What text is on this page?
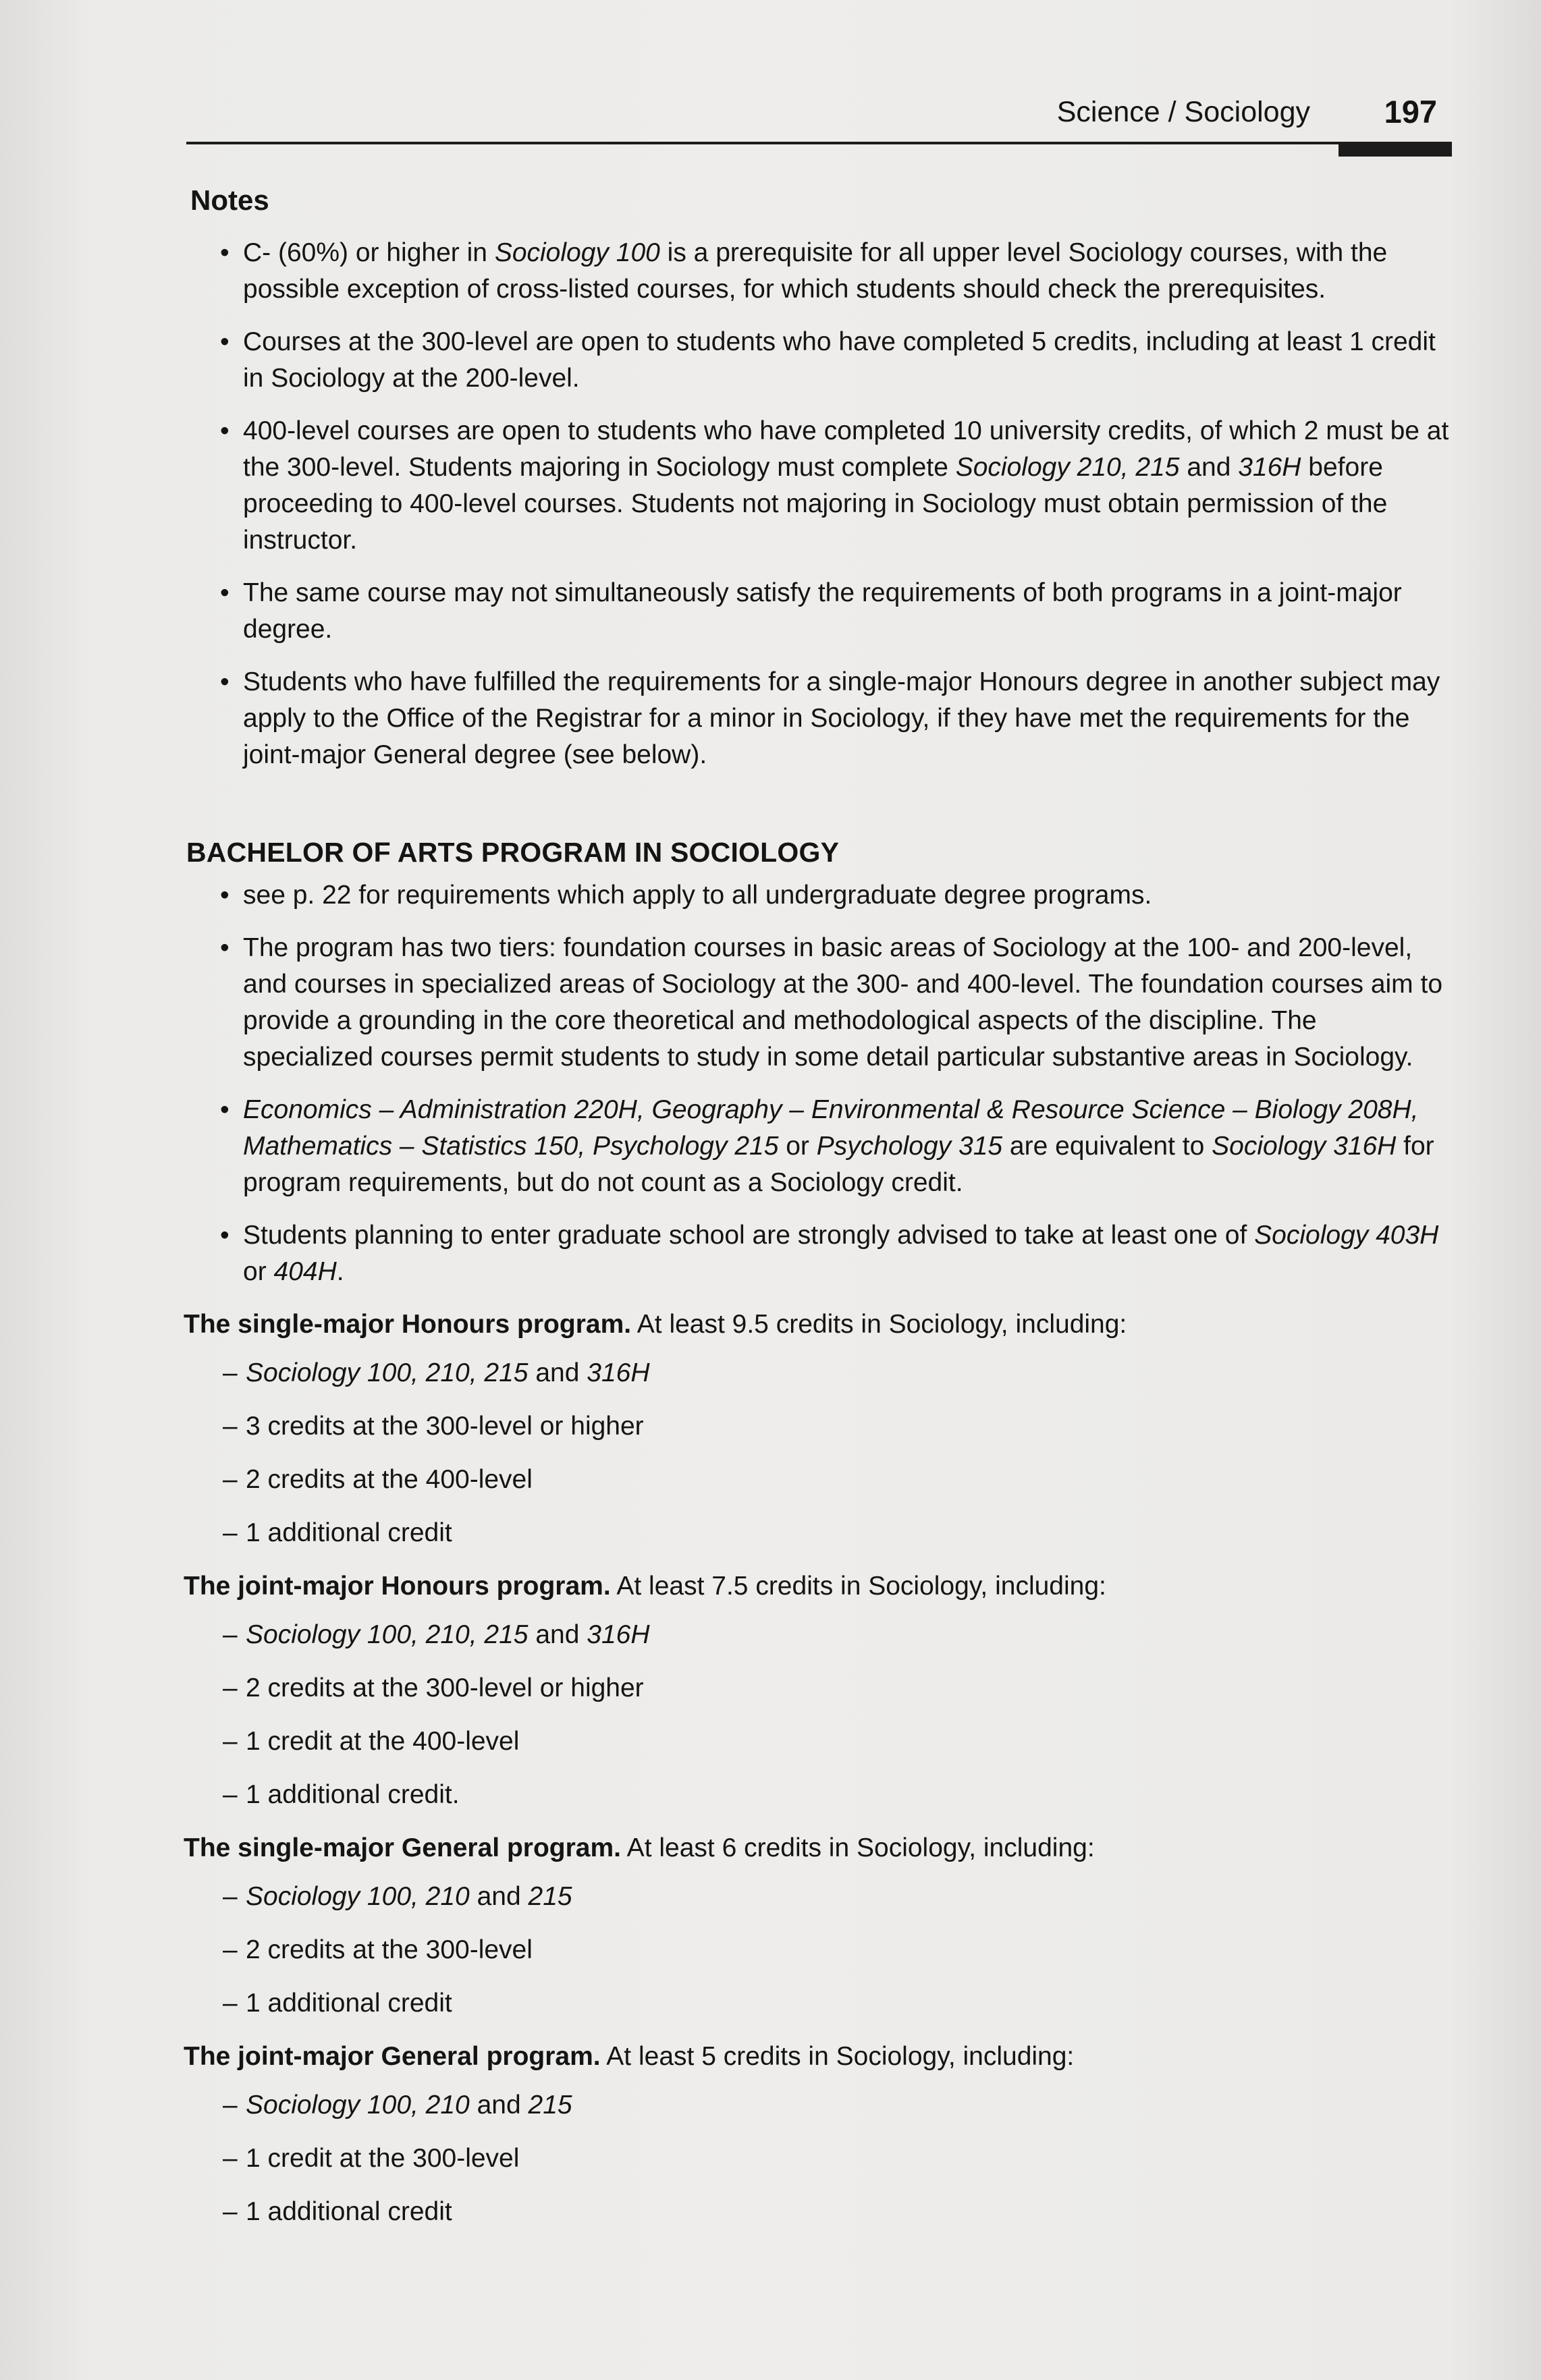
Science / Sociology 197
Notes
• C- (60%) or higher in Sociology 100 is a prerequisite for all upper level Sociology courses, with the possible exception of cross-listed courses, for which students should check the prerequisites.
• Courses at the 300-level are open to students who have completed 5 credits, including at least 1 credit in Sociology at the 200-level.
• 400-level courses are open to students who have completed 10 university credits, of which 2 must be at the 300-level. Students majoring in Sociology must complete Sociology 210, 215 and 316H before proceeding to 400-level courses. Students not majoring in Sociology must obtain permission of the instructor.
• The same course may not simultaneously satisfy the requirements of both programs in a joint-major degree.
• Students who have fulfilled the requirements for a single-major Honours degree in another subject may apply to the Office of the Registrar for a minor in Sociology, if they have met the requirements for the joint-major General degree (see below).
BACHELOR OF ARTS PROGRAM IN SOCIOLOGY
• see p. 22 for requirements which apply to all undergraduate degree programs.
• The program has two tiers: foundation courses in basic areas of Sociology at the 100- and 200-level, and courses in specialized areas of Sociology at the 300- and 400-level. The foundation courses aim to provide a grounding in the core theoretical and methodological aspects of the discipline. The specialized courses permit students to study in some detail particular substantive areas in Sociology.
• Economics – Administration 220H, Geography – Environmental & Resource Science – Biology 208H, Mathematics – Statistics 150, Psychology 215 or Psychology 315 are equivalent to Sociology 316H for program requirements, but do not count as a Sociology credit.
• Students planning to enter graduate school are strongly advised to take at least one of Sociology 403H or 404H.
The single-major Honours program. At least 9.5 credits in Sociology, including:
– Sociology 100, 210, 215 and 316H
– 3 credits at the 300-level or higher
– 2 credits at the 400-level
– 1 additional credit
The joint-major Honours program. At least 7.5 credits in Sociology, including:
– Sociology 100, 210, 215 and 316H
– 2 credits at the 300-level or higher
– 1 credit at the 400-level
– 1 additional credit.
The single-major General program. At least 6 credits in Sociology, including:
– Sociology 100, 210 and 215
– 2 credits at the 300-level
– 1 additional credit
The joint-major General program. At least 5 credits in Sociology, including:
– Sociology 100, 210 and 215
– 1 credit at the 300-level
– 1 additional credit
